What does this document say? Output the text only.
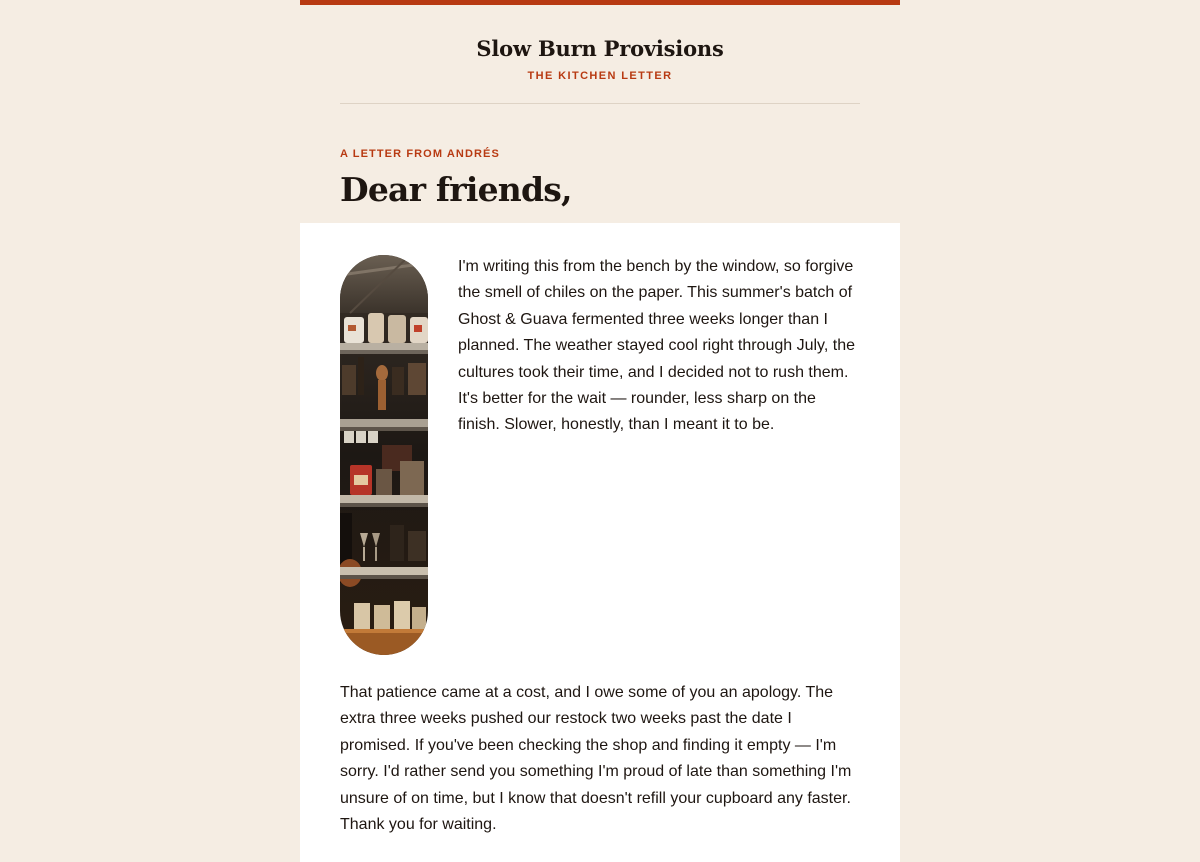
Slow Burn Provisions
THE KITCHEN LETTER
A LETTER FROM ANDRÉS
Dear friends,

I'm writing this from the bench by the window, so forgive the smell of chiles on the paper. This summer's batch of Ghost & Guava fermented three weeks longer than I planned. The weather stayed cool right through July, the cultures took their time, and I decided not to rush them. It's better for the wait — rounder, less sharp on the finish. Slower, honestly, than I meant it to be.

That patience came at a cost, and I owe some of you an apology. The extra three weeks pushed our restock two weeks past the date I promised. If you've been checking the shop and finding it empty — I'm sorry. I'd rather send you something I'm proud of late than something I'm unsure of on time, but I know that doesn't refill your cupboard any faster. Thank you for waiting.
